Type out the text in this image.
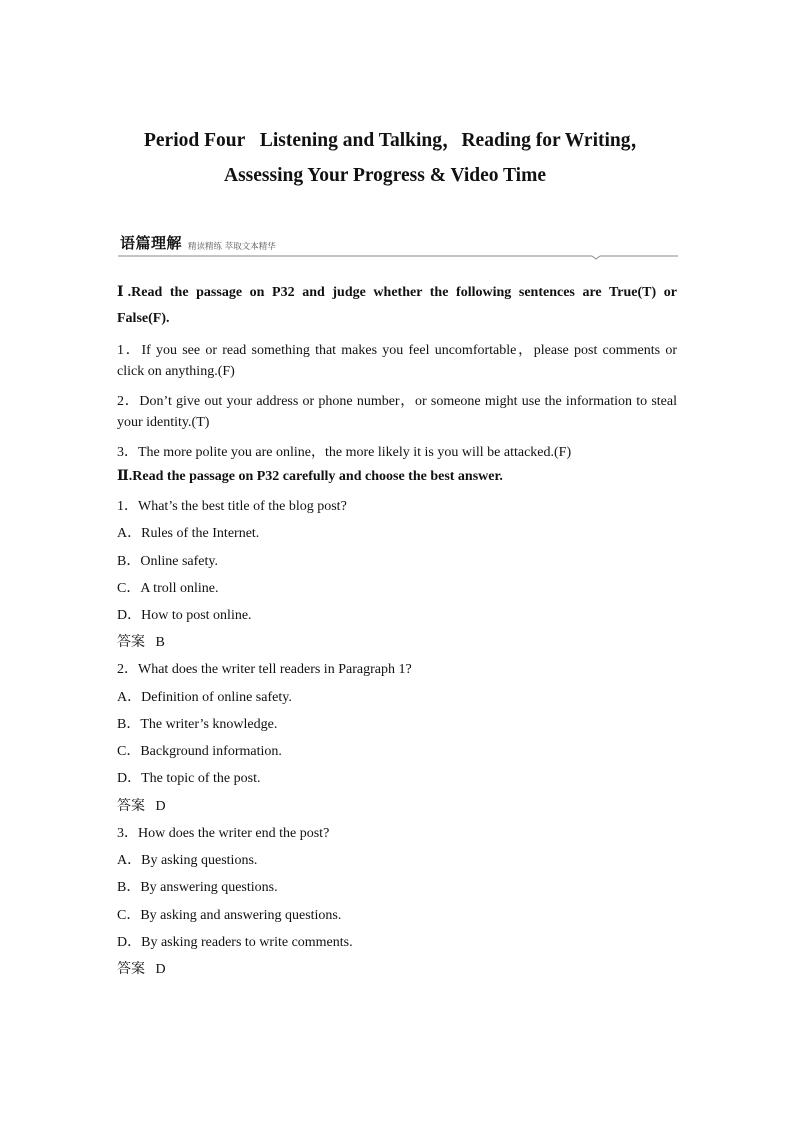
Period Four   Listening and Talking，Reading for Writing，
Assessing Your Progress & Video Time
语篇理解 精读精练 萃取文本精华
Ⅰ.Read the passage on P32 and judge whether the following sentences are True(T) or
False(F).
1．If you see or read something that makes you feel uncomfortable，please post comments or
click on anything.(F)
2．Don’t give out your address or phone number，or someone might use the information to steal
your identity.(T)
3．The more polite you are online，the more likely it is you will be attacked.(F)
Ⅱ.Read the passage on P32 carefully and choose the best answer.
1．What’s the best title of the blog post?
A．Rules of the Internet.
B．Online safety.
C．A troll online.
D．How to post online.
答案   B
2．What does the writer tell readers in Paragraph 1?
A．Definition of online safety.
B．The writer’s knowledge.
C．Background information.
D．The topic of the post.
答案   D
3．How does the writer end the post?
A．By asking questions.
B．By answering questions.
C．By asking and answering questions.
D．By asking readers to write comments.
答案   D
